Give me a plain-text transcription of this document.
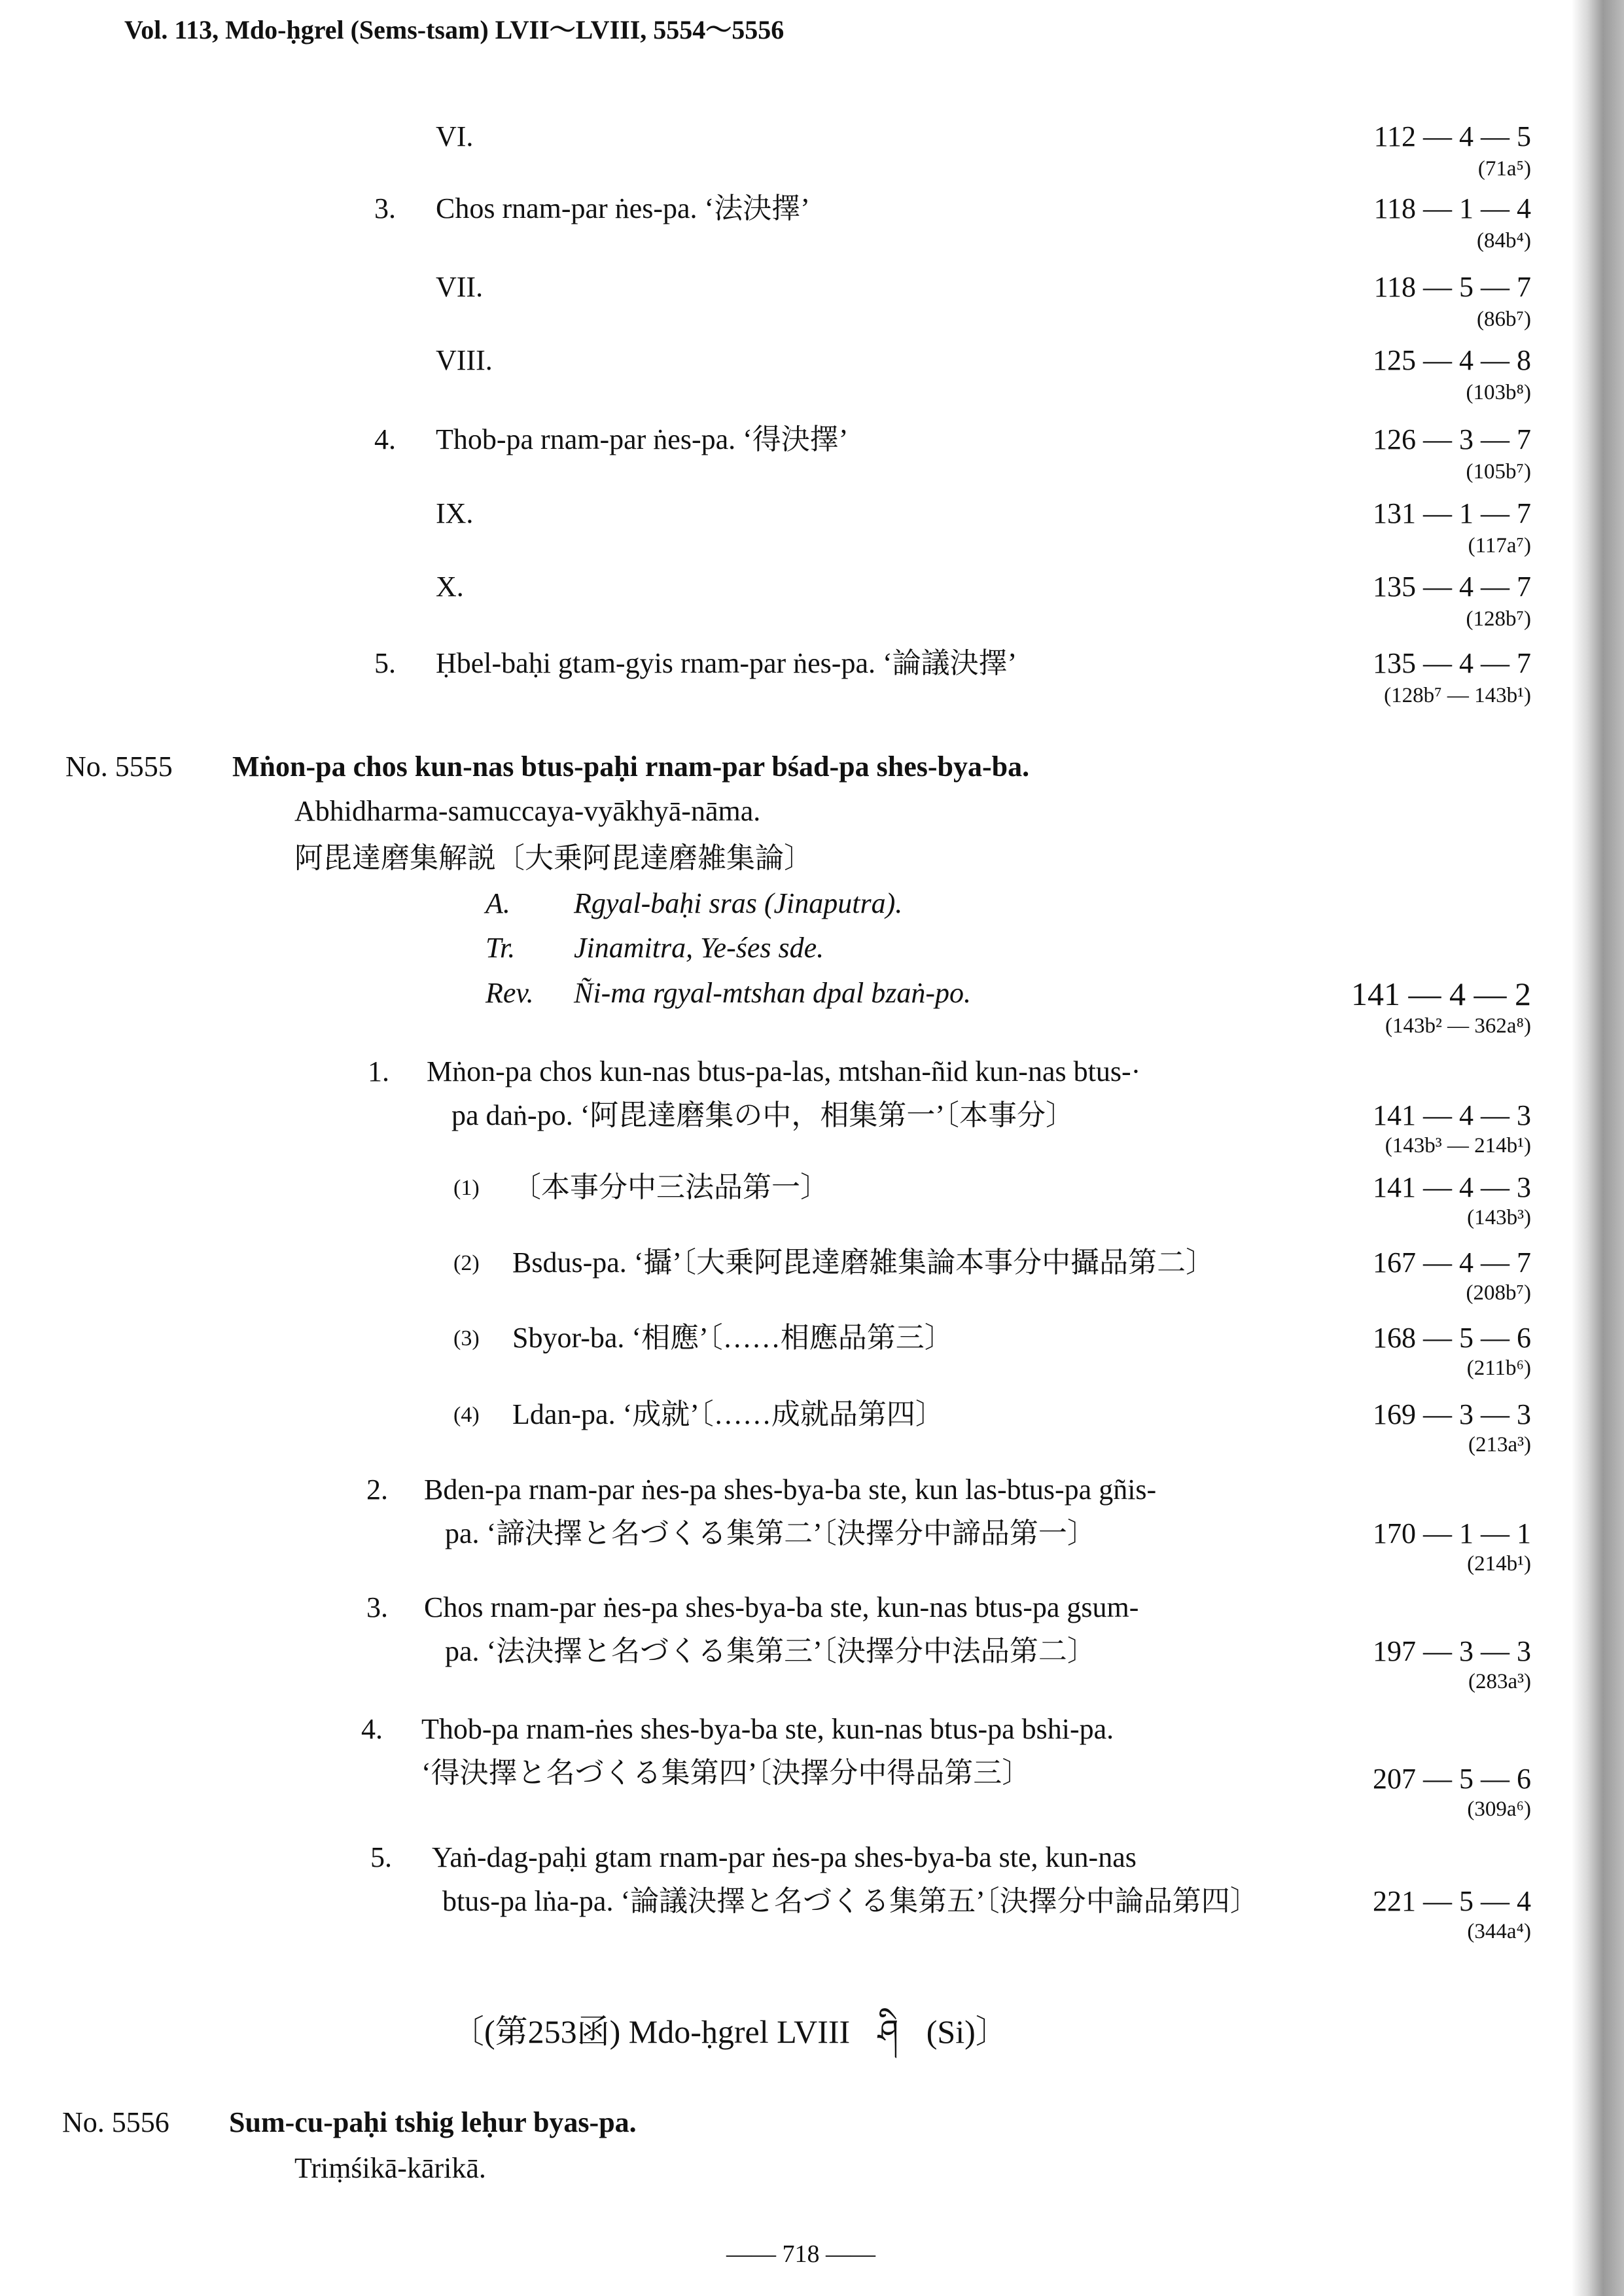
Vol. 113, Mdo-ḥgrel (Sems-tsam) LVII～LVIII, 5554～5556
VI.	112 — 4 — 5
(71a⁵)
3. Chos rnam-par ṅes-pa. ‘法決擇’	118 — 1 — 4
(84b⁴)
VII.	118 — 5 — 7
(86b⁷)
VIII.	125 — 4 — 8
(103b⁸)
4. Thob-pa rnam-par ṅes-pa. ‘得決擇’	126 — 3 — 7
(105b⁷)
IX.	131 — 1 — 7
(117a⁷)
X.	135 — 4 — 7
(128b⁷)
5. Ḥbel-baḥi gtam-gyis rnam-par ṅes-pa. ‘論議決擇’	135 — 4 — 7
(128b⁷ — 143b¹)
No. 5555 Mṅon-pa chos kun-nas btus-paḥi rnam-par bśad-pa shes-bya-ba.
Abhidharma-samuccaya-vyākhyā-nāma.
阿毘達磨集解説〔大乗阿毘達磨雑集論〕
A. Rgyal-baḥi sras (Jinaputra).
Tr. Jinamitra, Ye-śes sde.
Rev. Ñi-ma rgyal-mtshan dpal bzaṅ-po.	141 — 4 — 2
(143b² — 362a⁸)
1. Mṅon-pa chos kun-nas btus-pa-las, mtshan-ñid kun-nas btus-·
pa daṅ-po. ‘阿毘達磨集の中，相集第一’〔本事分〕	141 — 4 — 3
(143b³ — 214b¹)
(1) 〔本事分中三法品第一〕	141 — 4 — 3
(143b³)
(2) Bsdus-pa. ‘攝’〔大乗阿毘達磨雑集論本事分中攝品第二〕	167 — 4 — 7
(208b⁷)
(3) Sbyor-ba. ‘相應’〔……相應品第三〕	168 — 5 — 6
(211b⁶)
(4) Ldan-pa. ‘成就’〔……成就品第四〕	169 — 3 — 3
(213a³)
2. Bden-pa rnam-par ṅes-pa shes-bya-ba ste, kun las-btus-pa gñis-
pa. ‘諦決擇と名づくる集第二’〔決擇分中諦品第一〕	170 — 1 — 1
(214b¹)
3. Chos rnam-par ṅes-pa shes-bya-ba ste, kun-nas btus-pa gsum-
pa. ‘法決擇と名づくる集第三’〔決擇分中法品第二〕	197 — 3 — 3
(283a³)
4. Thob-pa rnam-ṅes shes-bya-ba ste, kun-nas btus-pa bshi-pa.
‘得決擇と名づくる集第四’〔決擇分中得品第三〕	207 — 5 — 6
(309a⁶)
5. Yaṅ-dag-paḥi gtam rnam-par ṅes-pa shes-bya-ba ste, kun-nas
btus-pa lṅa-pa. ‘論議決擇と名づくる集第五’〔決擇分中論品第四〕	221 — 5 — 4
(344a⁴)
〔(第253函) Mdo-ḥgrel LVIII ཤི (Si)〕
No. 5556 Sum-cu-paḥi tshig leḥur byas-pa.
Triṃśikā-kārikā.
—— 718 ——
